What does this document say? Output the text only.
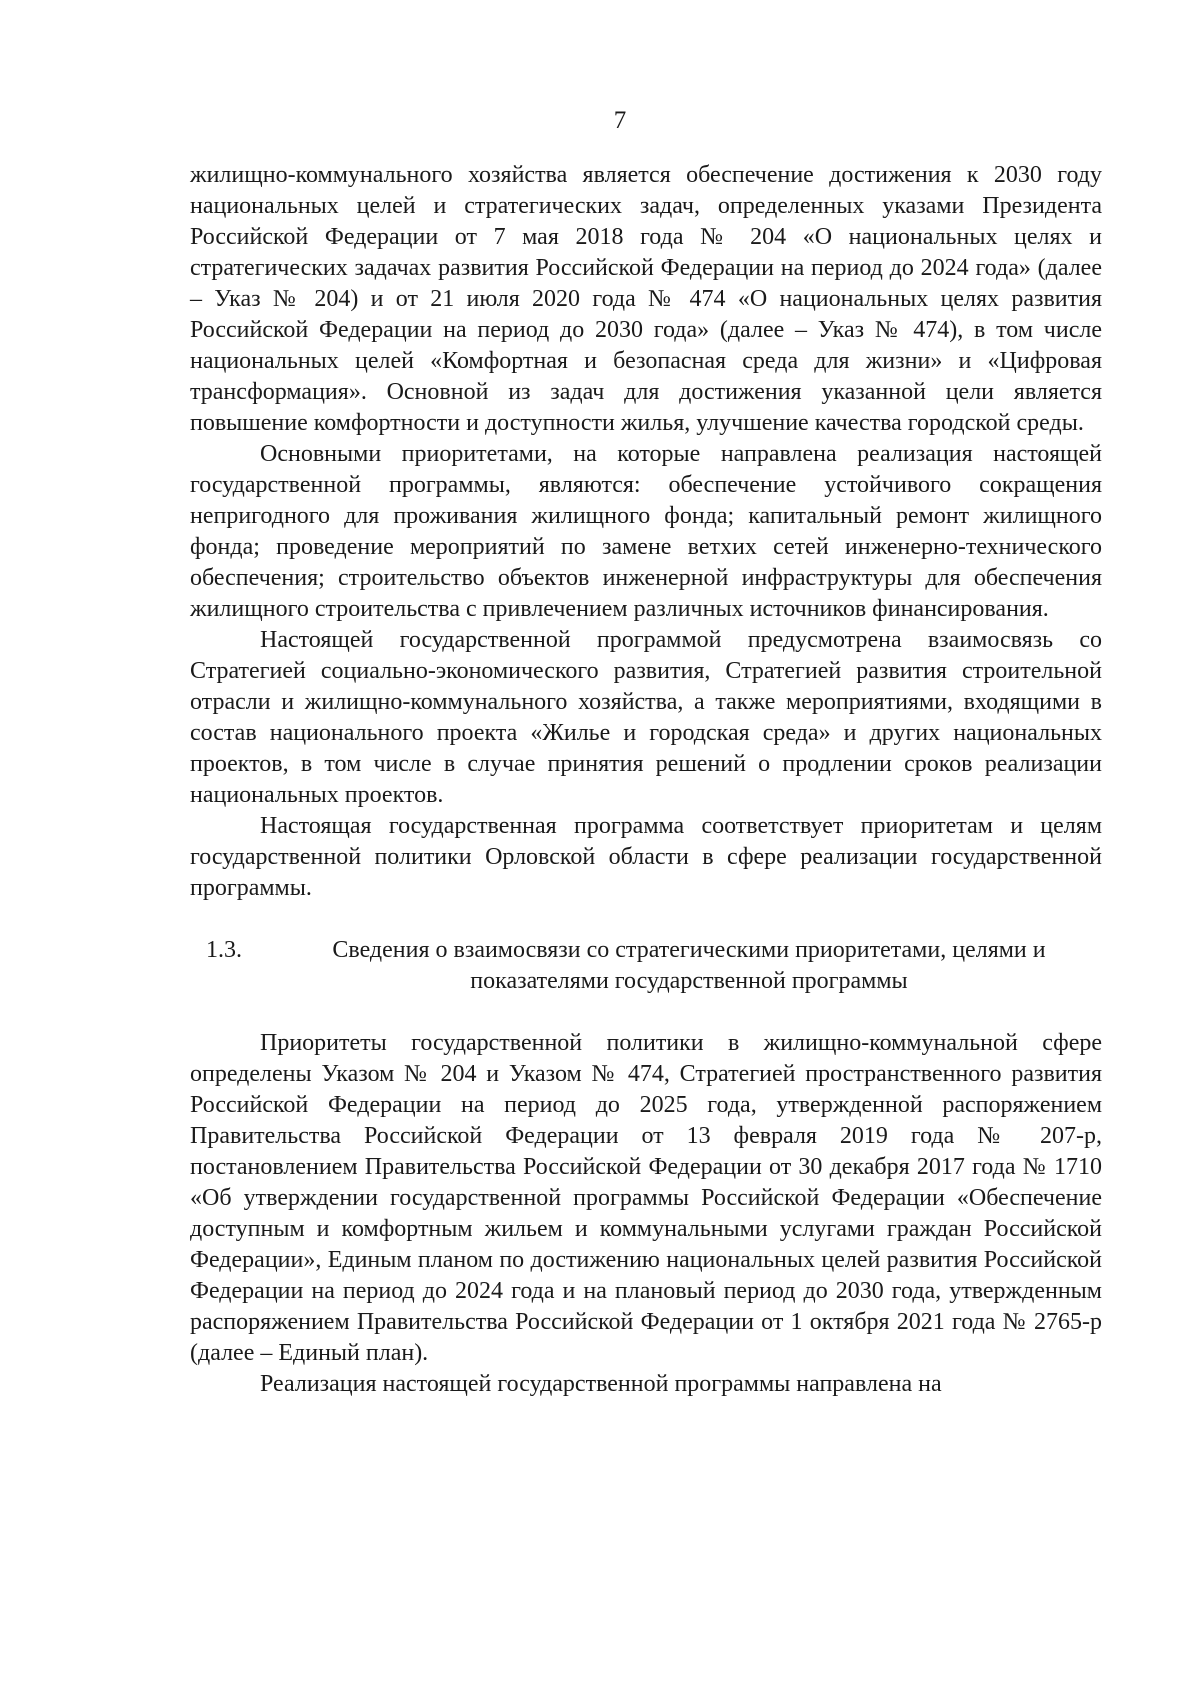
7

жилищно-коммунального хозяйства является обеспечение достижения к 2030 году национальных целей и стратегических задач, определенных указами Президента Российской Федерации от 7 мая 2018 года № 204 «О национальных целях и стратегических задачах развития Российской Федерации на период до 2024 года» (далее – Указ № 204) и от 21 июля 2020 года № 474 «О национальных целях развития Российской Федерации на период до 2030 года» (далее – Указ № 474), в том числе национальных целей «Комфортная и безопасная среда для жизни» и «Цифровая трансформация». Основной из задач для достижения указанной цели является повышение комфортности и доступности жилья, улучшение качества городской среды.

Основными приоритетами, на которые направлена реализация настоящей государственной программы, являются: обеспечение устойчивого сокращения непригодного для проживания жилищного фонда; капитальный ремонт жилищного фонда; проведение мероприятий по замене ветхих сетей инженерно-технического обеспечения; строительство объектов инженерной инфраструктуры для обеспечения жилищного строительства с привлечением различных источников финансирования.

Настоящей государственной программой предусмотрена взаимосвязь со Стратегией социально-экономического развития, Стратегией развития строительной отрасли и жилищно-коммунального хозяйства, а также мероприятиями, входящими в состав национального проекта «Жилье и городская среда» и других национальных проектов, в том числе в случае принятия решений о продлении сроков реализации национальных проектов.

Настоящая государственная программа соответствует приоритетам и целям государственной политики Орловской области в сфере реализации государственной программы.

1.3.	Сведения о взаимосвязи со стратегическими приоритетами, целями и показателями государственной программы

Приоритеты государственной политики в жилищно-коммунальной сфере определены Указом № 204 и Указом № 474, Стратегией пространственного развития Российской Федерации на период до 2025 года, утвержденной распоряжением Правительства Российской Федерации от 13 февраля 2019 года № 207-р, постановлением Правительства Российской Федерации от 30 декабря 2017 года № 1710 «Об утверждении государственной программы Российской Федерации «Обеспечение доступным и комфортным жильем и коммунальными услугами граждан Российской Федерации», Единым планом по достижению национальных целей развития Российской Федерации на период до 2024 года и на плановый период до 2030 года, утвержденным распоряжением Правительства Российской Федерации от 1 октября 2021 года № 2765-р (далее – Единый план).

Реализация настоящей государственной программы направлена на
